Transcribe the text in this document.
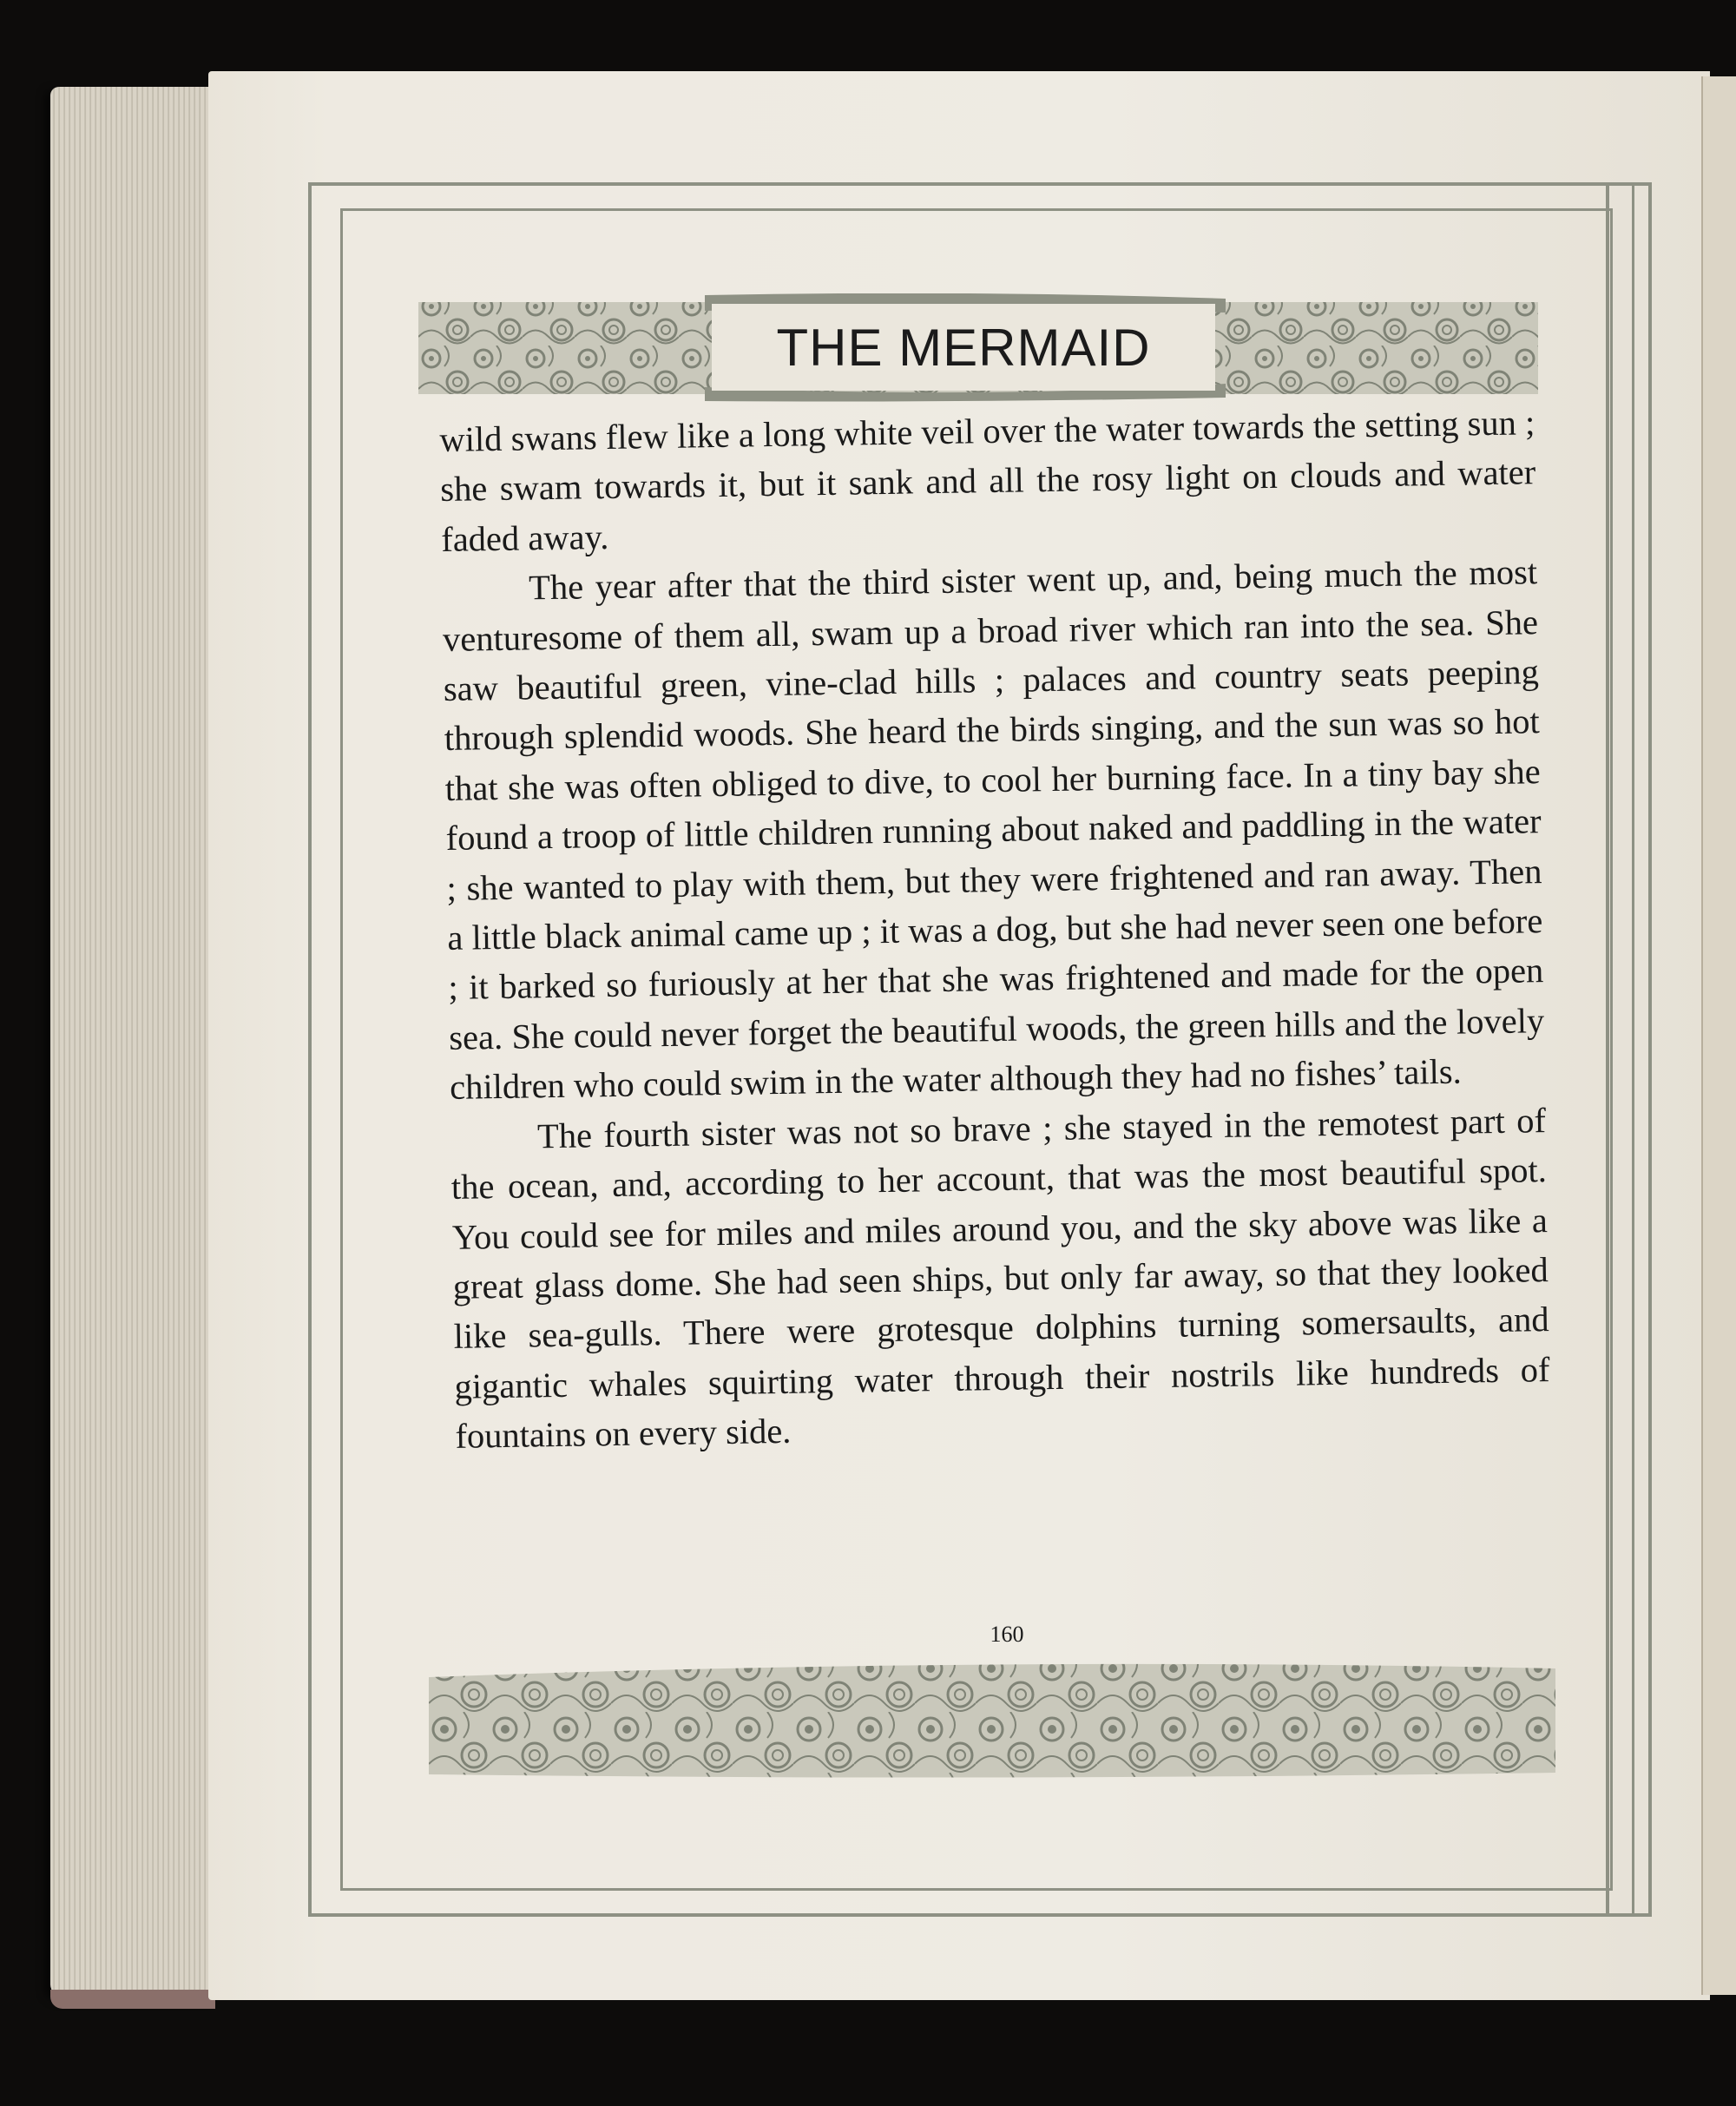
THE MERMAID

wild swans flew like a long white veil over the water towards the setting sun ; she swam towards it, but it sank and all the rosy light on clouds and water faded away.

The year after that the third sister went up, and, being much the most venturesome of them all, swam up a broad river which ran into the sea. She saw beautiful green, vine-clad hills ; palaces and country seats peeping through splendid woods. She heard the birds singing, and the sun was so hot that she was often obliged to dive, to cool her burning face. In a tiny bay she found a troop of little children running about naked and paddling in the water ; she wanted to play with them, but they were frightened and ran away. Then a little black animal came up ; it was a dog, but she had never seen one before ; it barked so furiously at her that she was frightened and made for the open sea. She could never forget the beautiful woods, the green hills and the lovely children who could swim in the water although they had no fishes’ tails.

The fourth sister was not so brave ; she stayed in the remotest part of the ocean, and, according to her account, that was the most beautiful spot. You could see for miles and miles around you, and the sky above was like a great glass dome. She had seen ships, but only far away, so that they looked like sea-gulls. There were grotesque dolphins turning somersaults, and gigantic whales squirting water through their nostrils like hundreds of fountains on every side.

160
